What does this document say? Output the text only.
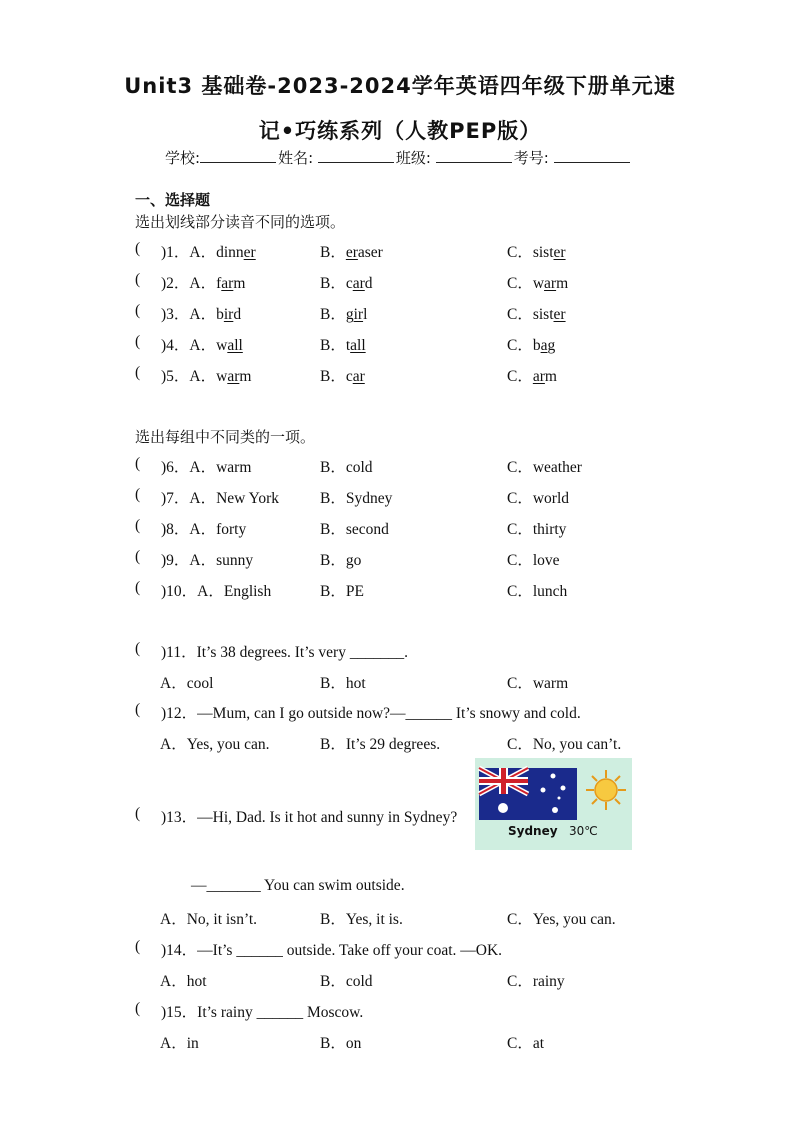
Unit3 基础卷-2023-2024学年英语四年级下册单元速
记•巧练系列（人教PEP版）
学校:	姓名:	班级:	考号:
一、选择题
选出划线部分读音不同的选项。
( )1．A．dinner	B．eraser	C．sister
( )2．A．farm	B．card	C．warm
( )3．A．bird	B．girl	C．sister
( )4．A．wall	B．tall	C．bag
( )5．A．warm	B．car	C．arm
选出每组中不同类的一项。
( )6．A．warm	B．cold	C．weather
( )7．A．New York	B．Sydney	C．world
( )8．A．forty	B．second	C．thirty
( )9．A．sunny	B．go	C．love
( )10．A．English	B．PE	C．lunch
( )11．It’s 38 degrees. It’s very _______.
A．cool	B．hot	C．warm
( )12．—Mum, can I go outside now?—______ It’s snowy and cold.
A．Yes, you can.	B．It’s 29 degrees.	C．No, you can’t.
( )13．—Hi, Dad. Is it hot and sunny in Sydney?
Sydney 30℃
—_______ You can swim outside.
A．No, it isn’t.	B．Yes, it is.	C．Yes, you can.
( )14．—It’s ______ outside. Take off your coat. —OK.
A．hot	B．cold	C．rainy
( )15．It’s rainy ______ Moscow.
A．in	B．on	C．at
